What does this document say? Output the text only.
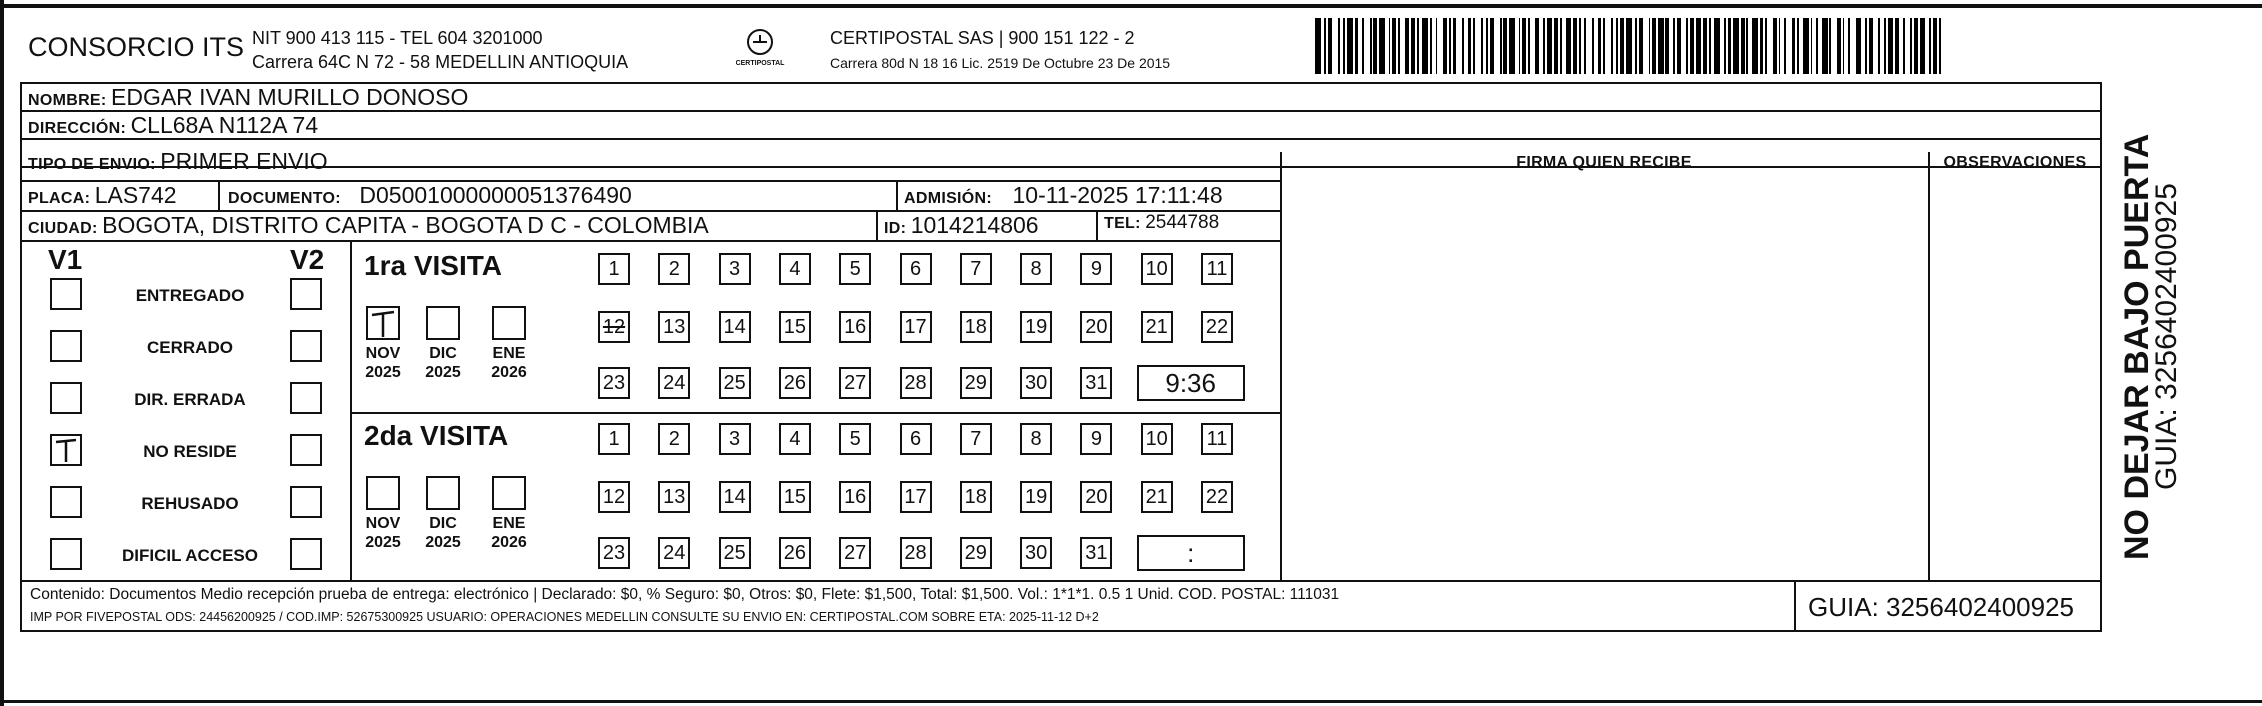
CONSORCIO ITS NIT 900 413 115 - TEL 604 3201000
Carrera 64C N 72 - 58 MEDELLIN ANTIOQUIA	CERTIPOSTAL
CERTIPOSTAL SAS | 900 151 122 - 2
Carrera 80d N 18 16 Lic. 2519 De Octubre 23 De 2015
NOMBRE: EDGAR IVAN MURILLO DONOSO
DIRECCIÓN: CLL68A N112A 74
TIPO DE ENVIO: PRIMER ENVIO	FIRMA QUIEN RECIBE	OBSERVACIONES
PLACA: LAS742	DOCUMENTO: D05001000000051376490	ADMISIÓN: 10-11-2025 17:11:48
CIUDAD: BOGOTA, DISTRITO CAPITA - BOGOTA D C - COLOMBIA	ID: 1014214806	TEL: 2544788
V1	V2
ENTREGADO
CERRADO
DIR. ERRADA
NO RESIDE
REHUSADO
DIFICIL ACCESO
1ra VISITA
NOV
2025
DIC
2025
ENE
2026
1	2	3	4	5	6	7	8	9	10 11
12 13 14 15 16 17 18 19 20 21 22
23 24 25 26 27 28 29 30 31	9:36
2da VISITA
NOV
2025
DIC
2025
ENE
2026
1	2	3	4	5	6	7	8	9	10 11
12 13 14 15 16 17 18 19 20 21 22
23 24 25 26 27 28 29 30 31	:
Contenido: Documentos Medio recepción prueba de entrega: electrónico | Declarado: $0, % Seguro: $0, Otros: $0, Flete: $1,500, Total: $1,500. Vol.: 1*1*1. 0.5 1 Unid. COD. POSTAL: 111031
IMP POR FIVEPOSTAL ODS: 24456200925 / COD.IMP: 52675300925 USUARIO: OPERACIONES MEDELLIN CONSULTE SU ENVIO EN: CERTIPOSTAL.COM SOBRE ETA: 2025-11-12 D+2	GUIA: 3256402400925
NO DEJAR BAJO PUERTA
GUIA: 3256402400925
